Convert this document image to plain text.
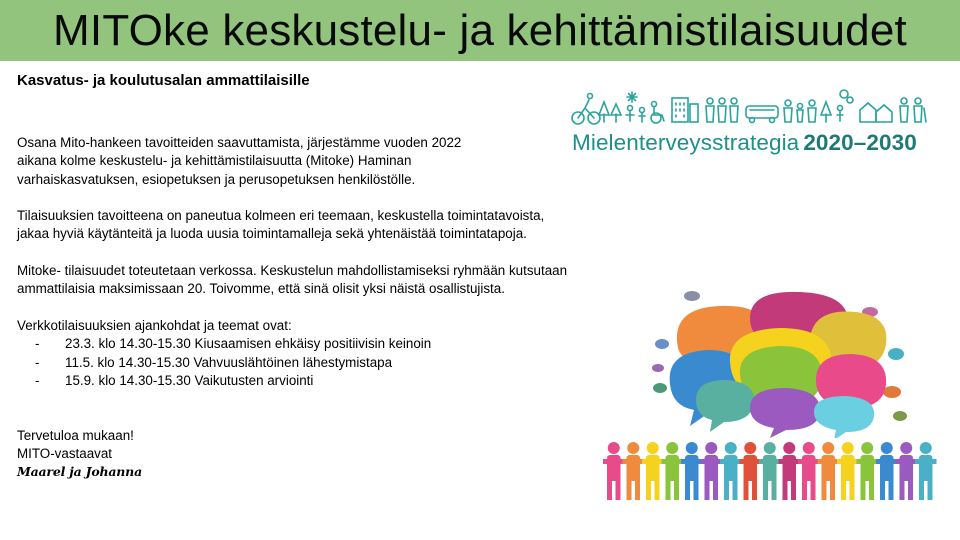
MITOke keskustelu- ja kehittämistilaisuudet
Kasvatus- ja koulutusalan ammattilaisille

Osana Mito-hankeen tavoitteiden saavuttamista, järjestämme vuoden 2022

aikana kolme keskustelu- ja kehittämistilaisuutta (Mitoke) Haminan

varhaiskasvatuksen, esiopetuksen ja perusopetuksen henkilöstölle.

Tilaisuuksien tavoitteena on paneutua kolmeen eri teemaan, keskustella toimintatavoista,

jakaa hyviä käytänteitä ja luoda uusia toimintamalleja sekä yhtenäistää toimintatapoja.

Mitoke- tilaisuudet toteutetaan verkossa. Keskustelun mahdollistamiseksi ryhmään kutsutaan

ammattilaisia maksimissaan 20. Toivomme, että sinä olisit yksi näistä osallistujista.

Verkkotilaisuuksien ajankohdat ja teemat ovat:

-	23.3. klo 14.30-15.30 Kiusaamisen ehkäisy positiivisin keinoin
-	11.5. klo 14.30-15.30 Vahvuuslähtöinen lähestymistapa
-	15.9. klo 14.30-15.30 Vaikutusten arviointi

Tervetuloa mukaan!

MITO-vastaavat

Maarel ja Johanna

Mielenterveysstrategia 2020–2030
